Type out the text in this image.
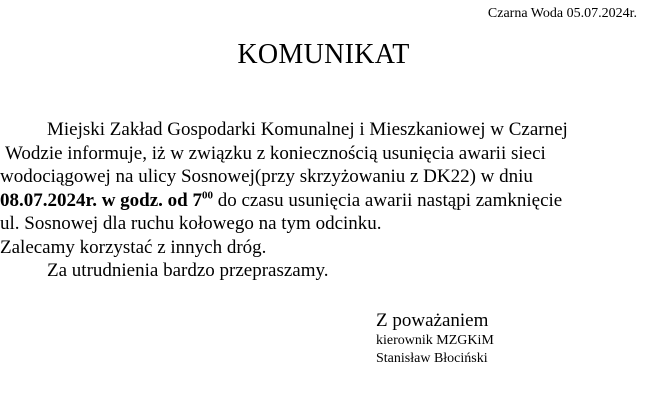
Czarna Woda 05.07.2024r.
KOMUNIKAT
Miejski Zakład Gospodarki Komunalnej i Mieszkaniowej w Czarnej
Wodzie informuje, iż w związku z koniecznością usunięcia awarii sieci
wodociągowej na ulicy Sosnowej(przy skrzyżowaniu z DK22) w dniu
08.07.2024r. w godz. od $7^{00}$ do czasu usunięcia awarii nastąpi zamknięcie
ul. Sosnowej dla ruchu kołowego na tym odcinku.
Zalecamy korzystać z innych dróg.
Za utrudnienia bardzo przepraszamy.
Z poważaniem
kierownik MZGKiM
Stanisław Błociński
